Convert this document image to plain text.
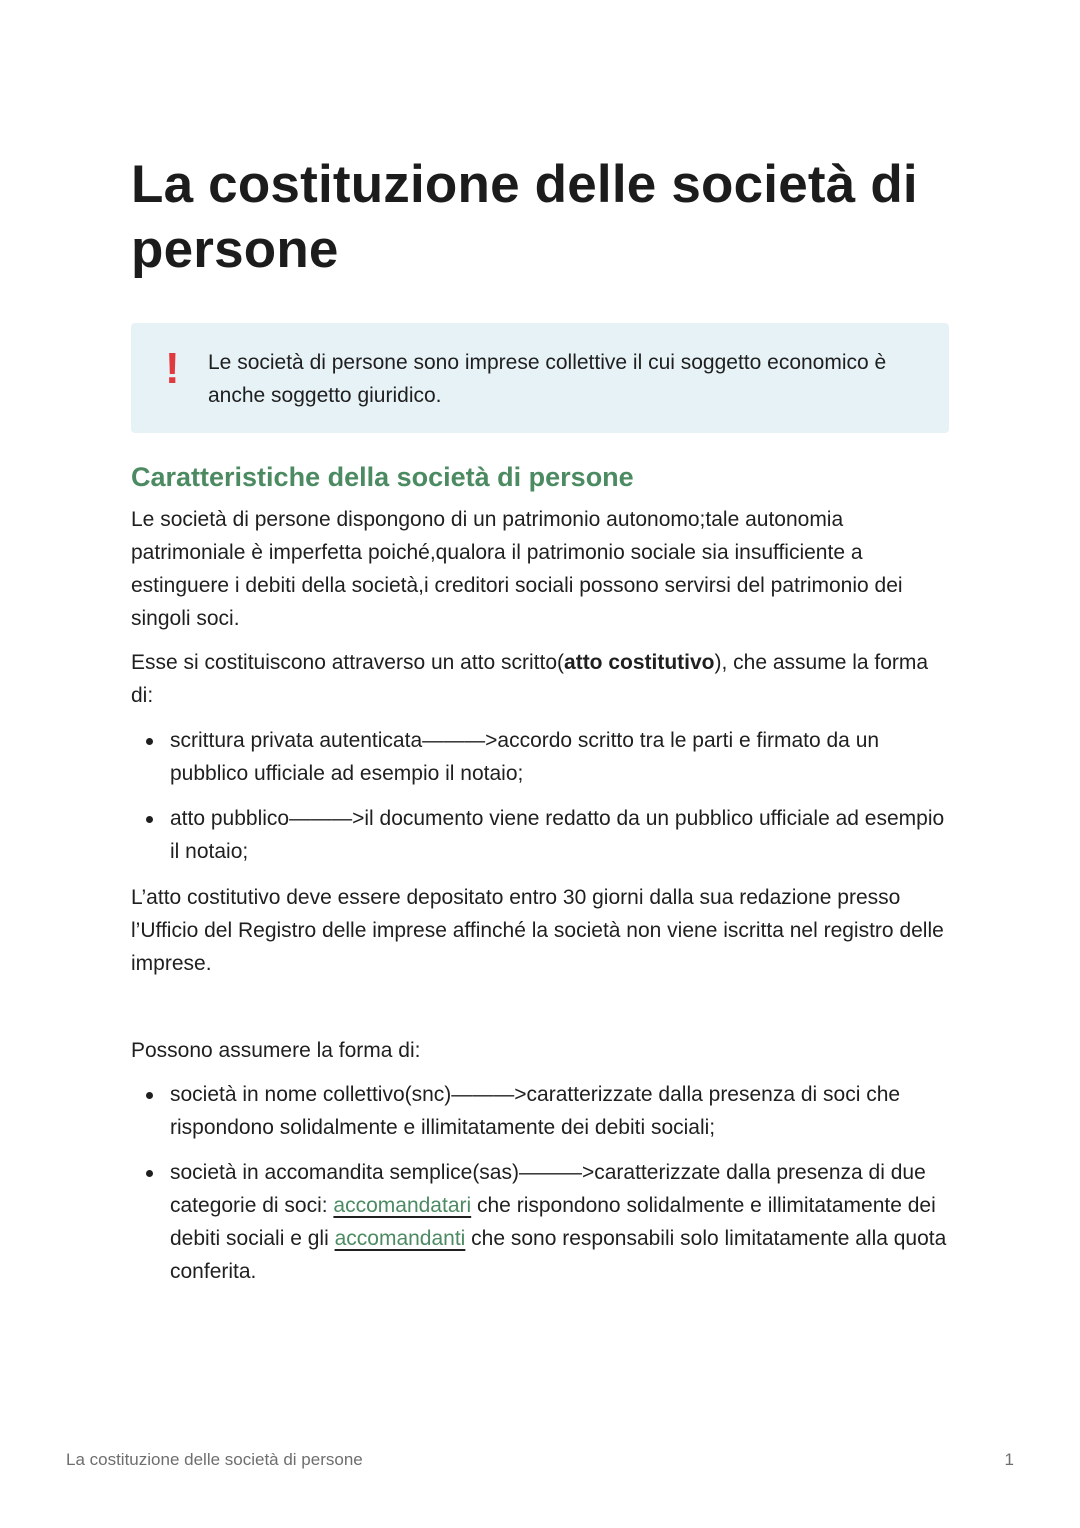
La costituzione delle società di persone
! Le società di persone sono imprese collettive il cui soggetto economico è anche soggetto giuridico.
Caratteristiche della società di persone

Le società di persone dispongono di un patrimonio autonomo;tale autonomia patrimoniale è imperfetta poiché,qualora il patrimonio sociale sia insufficiente a estinguere i debiti della società,i creditori sociali possono servirsi del patrimonio dei singoli soci.

Esse si costituiscono attraverso un atto scritto(atto costitutivo), che assume la forma di:

scrittura privata autenticata———>accordo scritto tra le parti e firmato da un pubblico ufficiale ad esempio il notaio;
atto pubblico———>il documento viene redatto da un pubblico ufficiale ad esempio il notaio;

L’atto costitutivo deve essere depositato entro 30 giorni dalla sua redazione presso l’Ufficio del Registro delle imprese affinché la società non viene iscritta nel registro delle imprese.

Possono assumere la forma di:

società in nome collettivo(snc)———>caratterizzate dalla presenza di soci che rispondono solidalmente e illimitatamente dei debiti sociali;
società in accomandita semplice(sas)———>caratterizzate dalla presenza di due categorie di soci: accomandatari che rispondono solidalmente e illimitatamente dei debiti sociali e gli accomandanti che sono responsabili solo limitatamente alla quota conferita.
La costituzione delle società di persone	1
